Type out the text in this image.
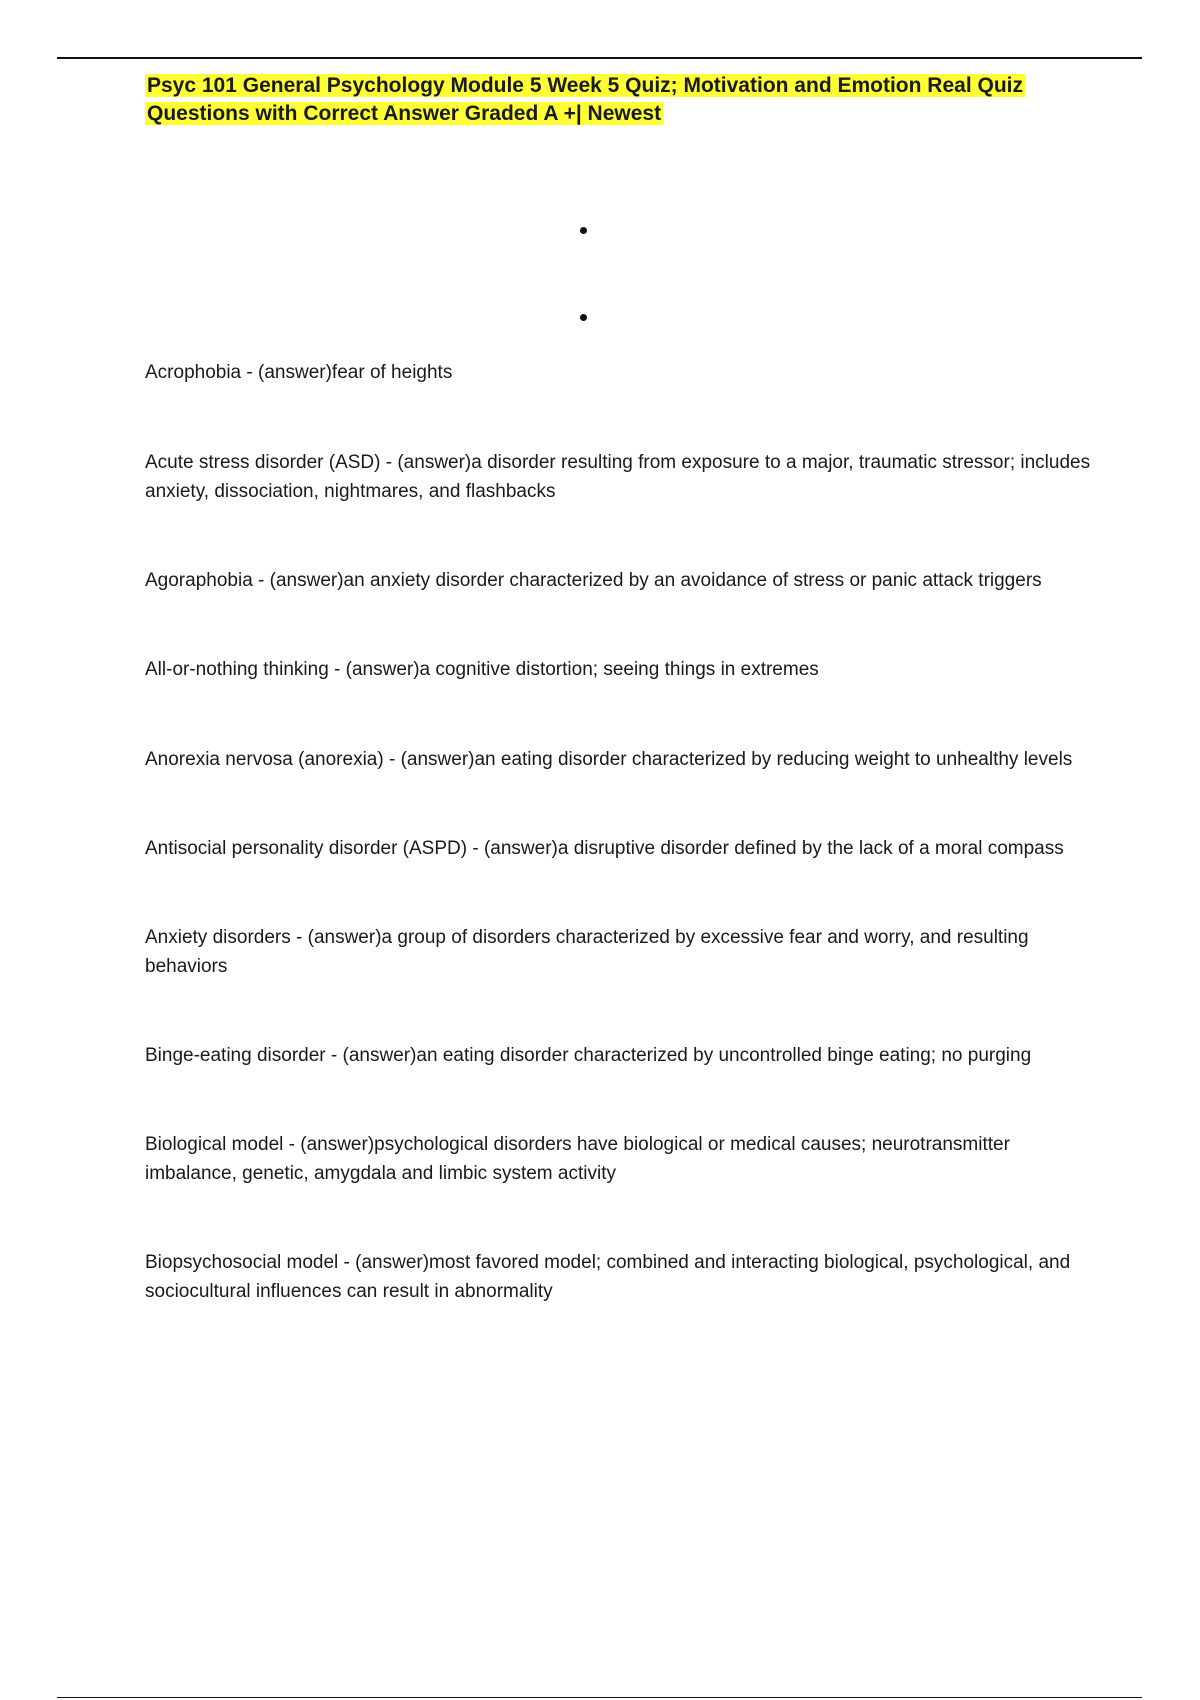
Psyc 101 General Psychology Module 5 Week 5 Quiz; Motivation and Emotion Real Quiz Questions with Correct Answer Graded A +| Newest
Acrophobia - (answer)fear of heights
Acute stress disorder (ASD) - (answer)a disorder resulting from exposure to a major, traumatic stressor; includes anxiety, dissociation, nightmares, and flashbacks
Agoraphobia - (answer)an anxiety disorder characterized by an avoidance of stress or panic attack triggers
All-or-nothing thinking - (answer)a cognitive distortion; seeing things in extremes
Anorexia nervosa (anorexia) - (answer)an eating disorder characterized by reducing weight to unhealthy levels
Antisocial personality disorder (ASPD) - (answer)a disruptive disorder defined by the lack of a moral compass
Anxiety disorders - (answer)a group of disorders characterized by excessive fear and worry, and resulting behaviors
Binge-eating disorder - (answer)an eating disorder characterized by uncontrolled binge eating; no purging
Biological model - (answer)psychological disorders have biological or medical causes; neurotransmitter imbalance, genetic, amygdala and limbic system activity
Biopsychosocial model - (answer)most favored model; combined and interacting biological, psychological, and sociocultural influences can result in abnormality
